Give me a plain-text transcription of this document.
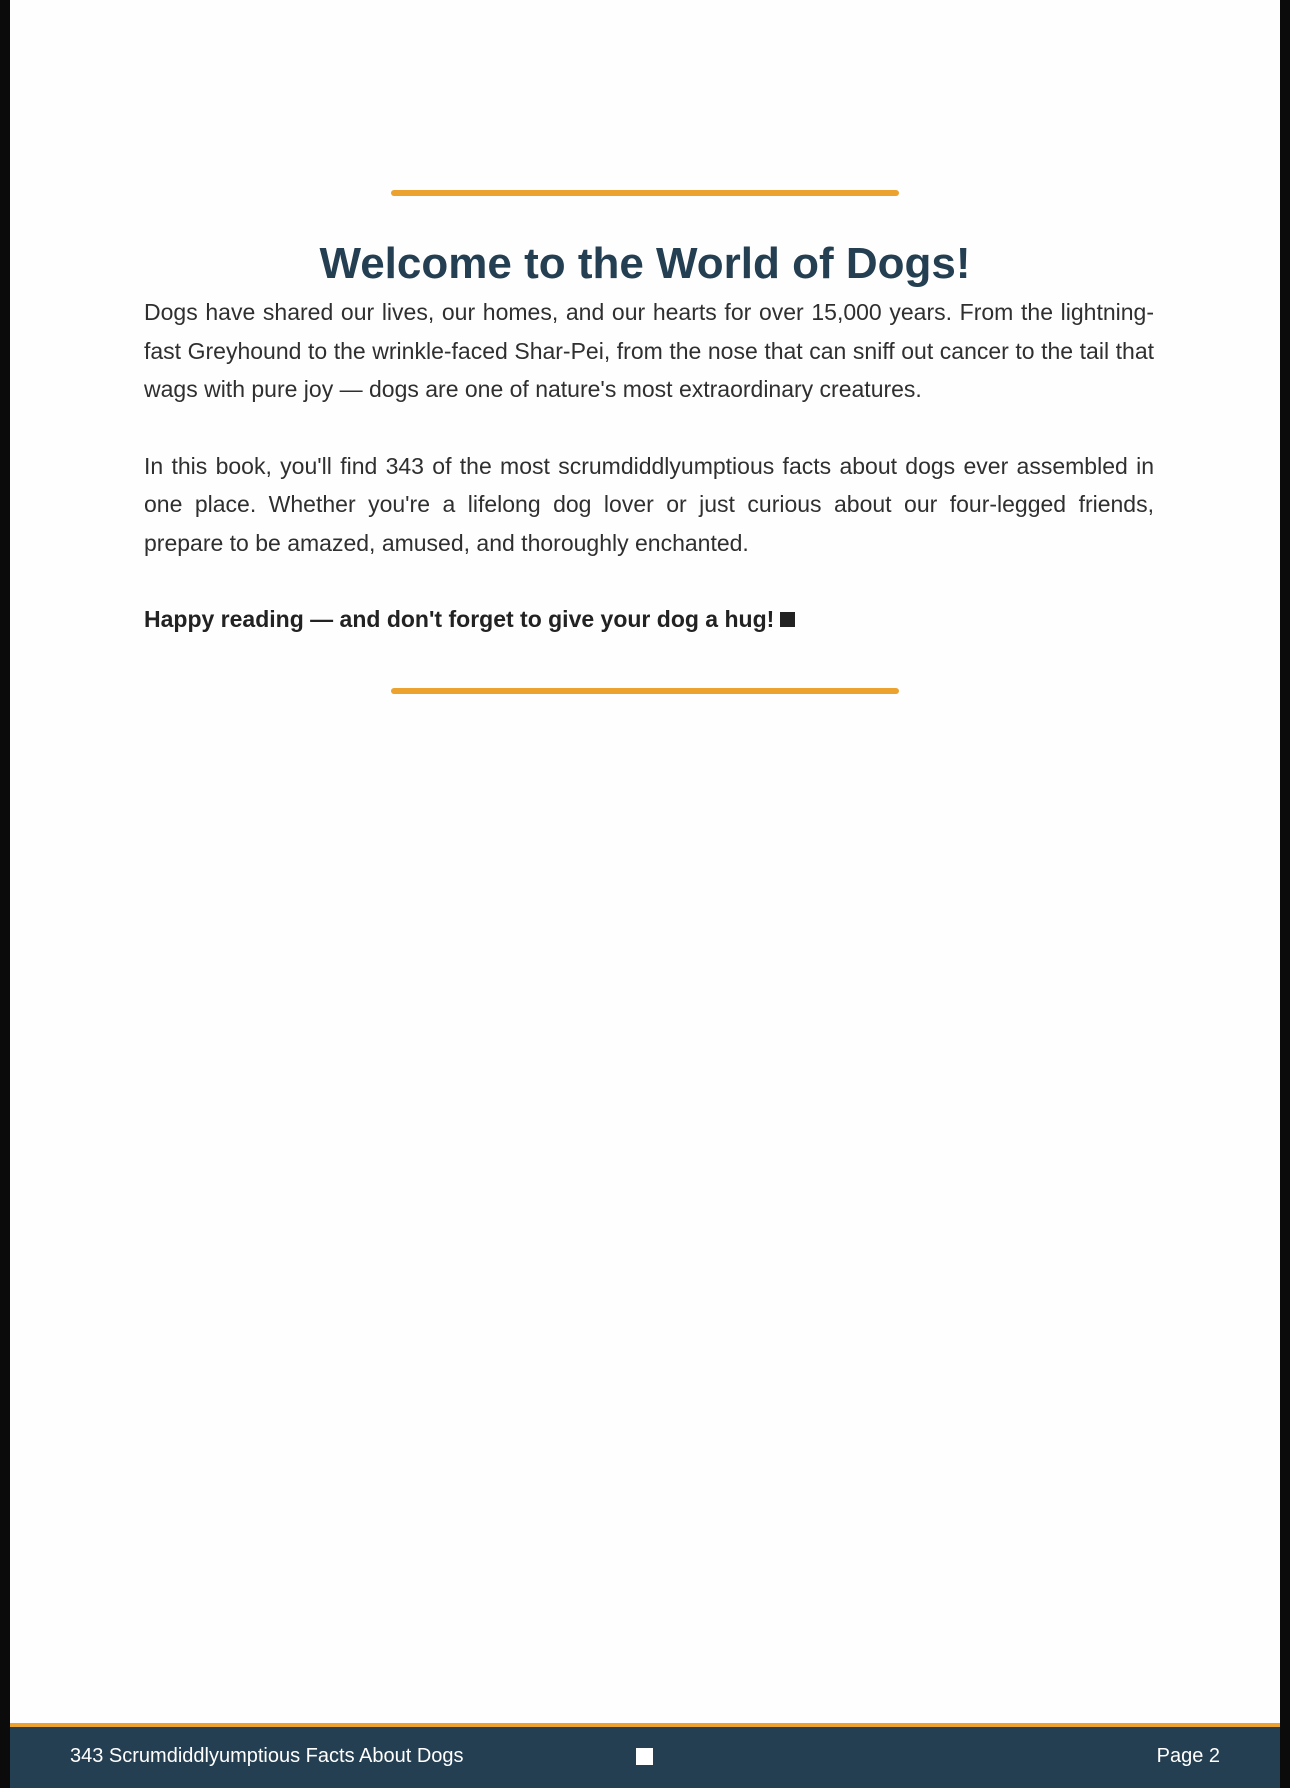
Welcome to the World of Dogs!

Dogs have shared our lives, our homes, and our hearts for over 15,000 years. From the lightning-fast Greyhound to the wrinkle-faced Shar-Pei, from the nose that can sniff out cancer to the tail that wags with pure joy — dogs are one of nature's most extraordinary creatures.

In this book, you'll find 343 of the most scrumdiddlyumptious facts about dogs ever assembled in one place. Whether you're a lifelong dog lover or just curious about our four-legged friends, prepare to be amazed, amused, and thoroughly enchanted.

Happy reading — and don't forget to give your dog a hug!

343 Scrumdiddlyumptious Facts About Dogs	Page 2
